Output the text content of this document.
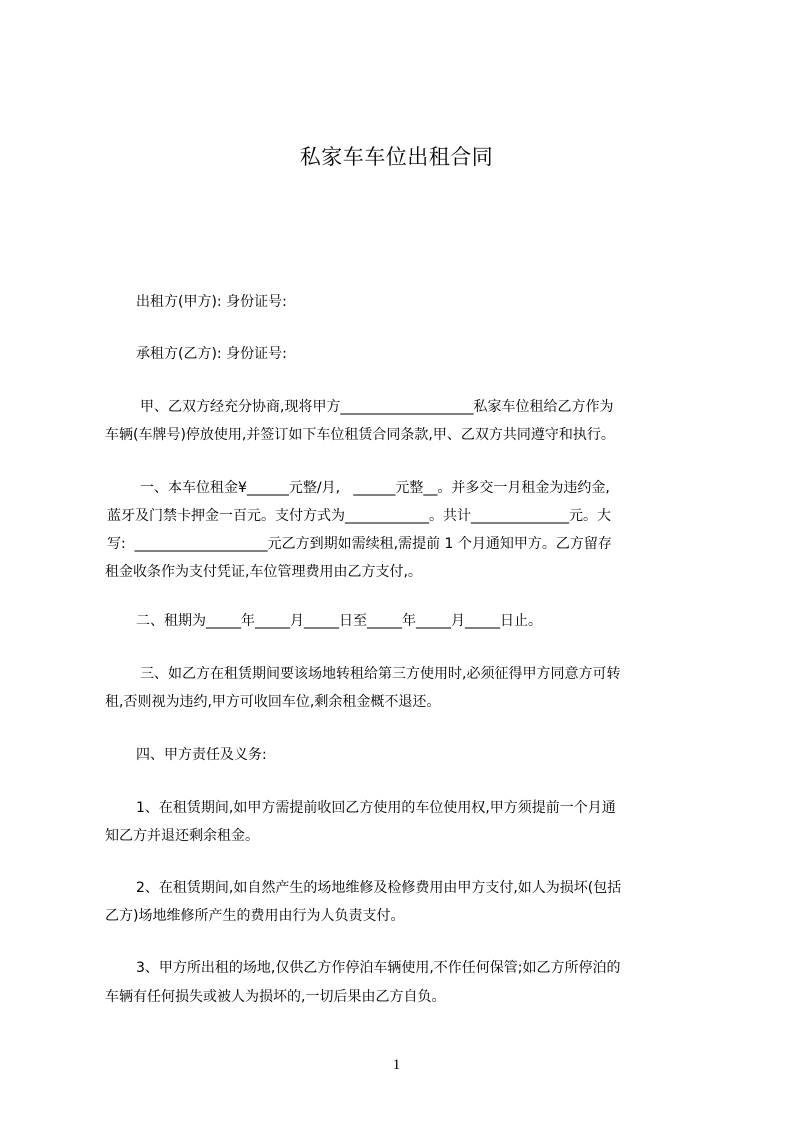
私家车车位出租合同
出租方(甲方): 身份证号:
承租方(乙方): 身份证号:
甲、乙双方经充分协商,现将甲方___________________私家车位租给乙方作为
车辆(车牌号)停放使用,并签订如下车位租赁合同条款,甲、乙双方共同遵守和执行。
一、本车位租金¥______元整/月,   ______元整__。并多交一月租金为违约金,
蓝牙及门禁卡押金一百元。支付方式为____________。共计______________元。大
写:  ___________________元乙方到期如需续租,需提前 1 个月通知甲方。乙方留存
租金收条作为支付凭证,车位管理费用由乙方支付,。
二、租期为_____年_____月_____日至_____年_____月_____日止。
三、如乙方在租赁期间要该场地转租给第三方使用时,必须征得甲方同意方可转
租,否则视为违约,甲方可收回车位,剩余租金概不退还。
四、甲方责任及义务:
1、在租赁期间,如甲方需提前收回乙方使用的车位使用权,甲方须提前一个月通
知乙方并退还剩余租金。
2、在租赁期间,如自然产生的场地维修及检修费用由甲方支付,如人为损坏(包括
乙方)场地维修所产生的费用由行为人负责支付。
3、甲方所出租的场地,仅供乙方作停泊车辆使用,不作任何保管;如乙方所停泊的
车辆有任何损失或被人为损坏的,一切后果由乙方自负。
1
